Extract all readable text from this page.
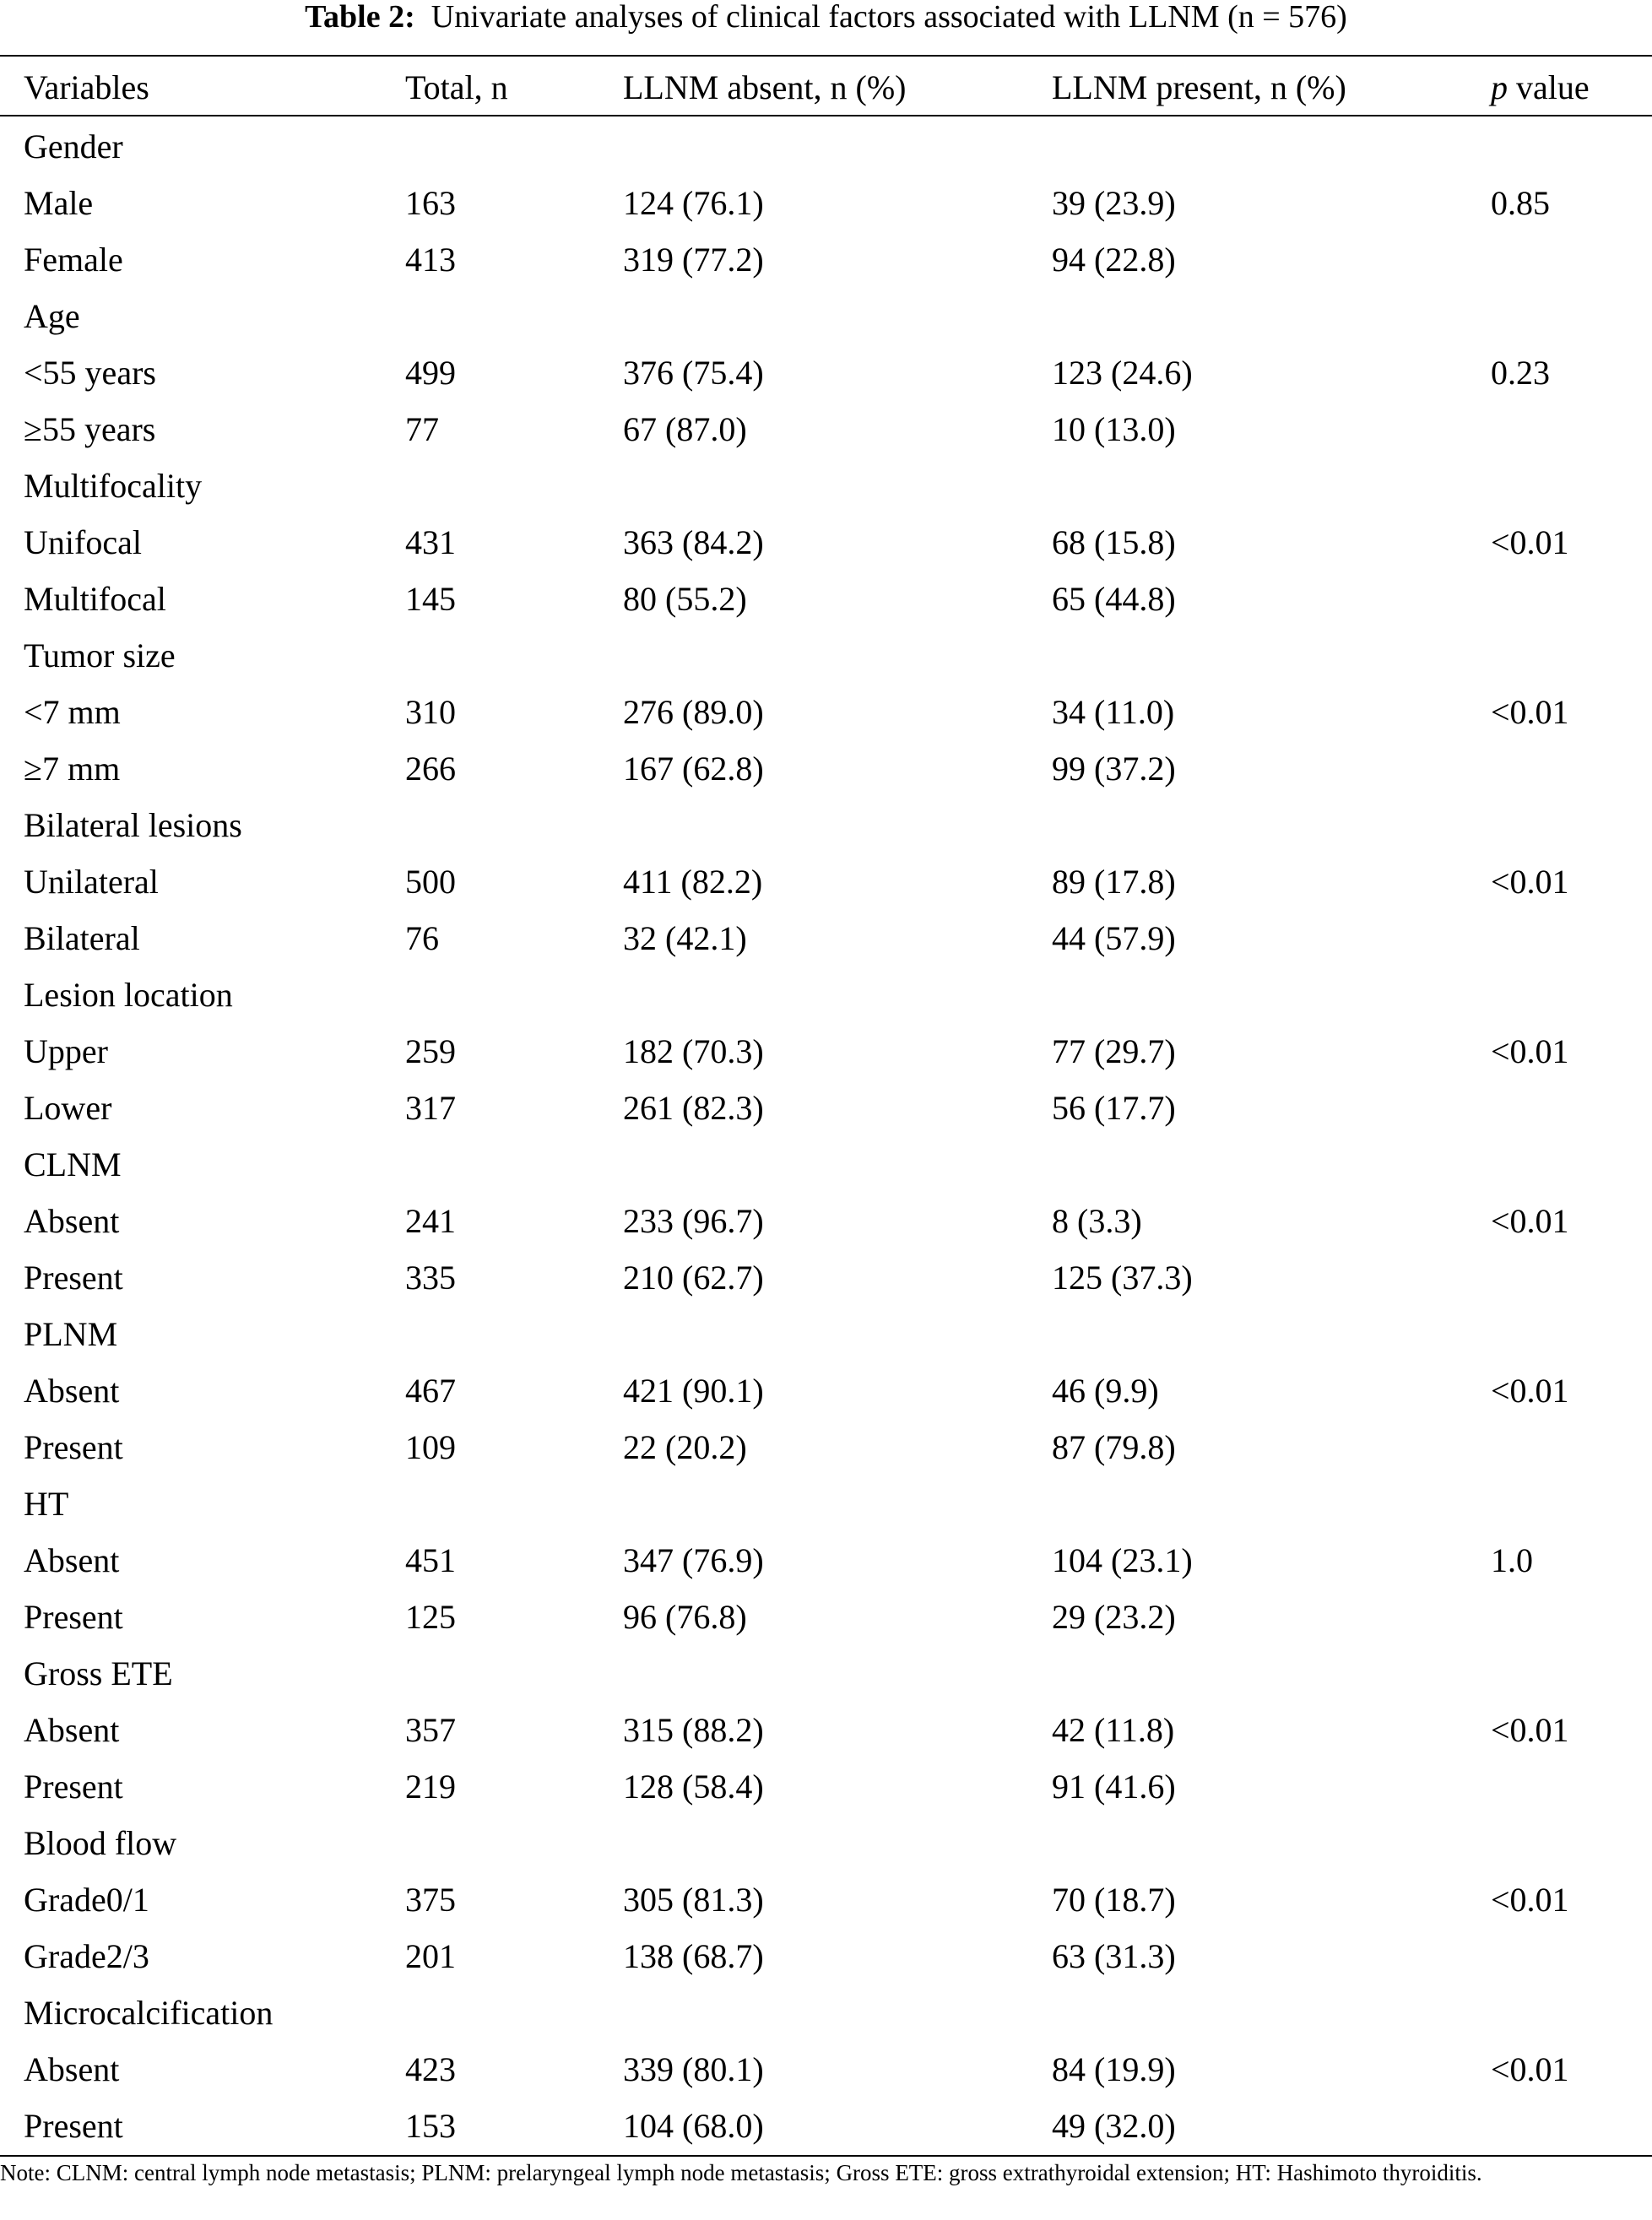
Table 2: Univariate analyses of clinical factors associated with LLNM (n = 576)
Variables	Total, n	LLNM absent, n (%)	LLNM present, n (%)	p value
Gender
Male	163	124 (76.1)	39 (23.9)	0.85
Female	413	319 (77.2)	94 (22.8)
Age
<55 years	499	376 (75.4)	123 (24.6)	0.23
≥55 years	77	67 (87.0)	10 (13.0)
Multifocality
Unifocal	431	363 (84.2)	68 (15.8)	<0.01
Multifocal	145	80 (55.2)	65 (44.8)
Tumor size
<7 mm	310	276 (89.0)	34 (11.0)	<0.01
≥7 mm	266	167 (62.8)	99 (37.2)
Bilateral lesions
Unilateral	500	411 (82.2)	89 (17.8)	<0.01
Bilateral	76	32 (42.1)	44 (57.9)
Lesion location
Upper	259	182 (70.3)	77 (29.7)	<0.01
Lower	317	261 (82.3)	56 (17.7)
CLNM
Absent	241	233 (96.7)	8 (3.3)	<0.01
Present	335	210 (62.7)	125 (37.3)
PLNM
Absent	467	421 (90.1)	46 (9.9)	<0.01
Present	109	22 (20.2)	87 (79.8)
HT
Absent	451	347 (76.9)	104 (23.1)	1.0
Present	125	96 (76.8)	29 (23.2)
Gross ETE
Absent	357	315 (88.2)	42 (11.8)	<0.01
Present	219	128 (58.4)	91 (41.6)
Blood flow
Grade0/1	375	305 (81.3)	70 (18.7)	<0.01
Grade2/3	201	138 (68.7)	63 (31.3)
Microcalcification
Absent	423	339 (80.1)	84 (19.9)	<0.01
Present	153	104 (68.0)	49 (32.0)
Note: CLNM: central lymph node metastasis; PLNM: prelaryngeal lymph node metastasis; Gross ETE: gross extrathyroidal extension; HT: Hashimoto thyroiditis.
